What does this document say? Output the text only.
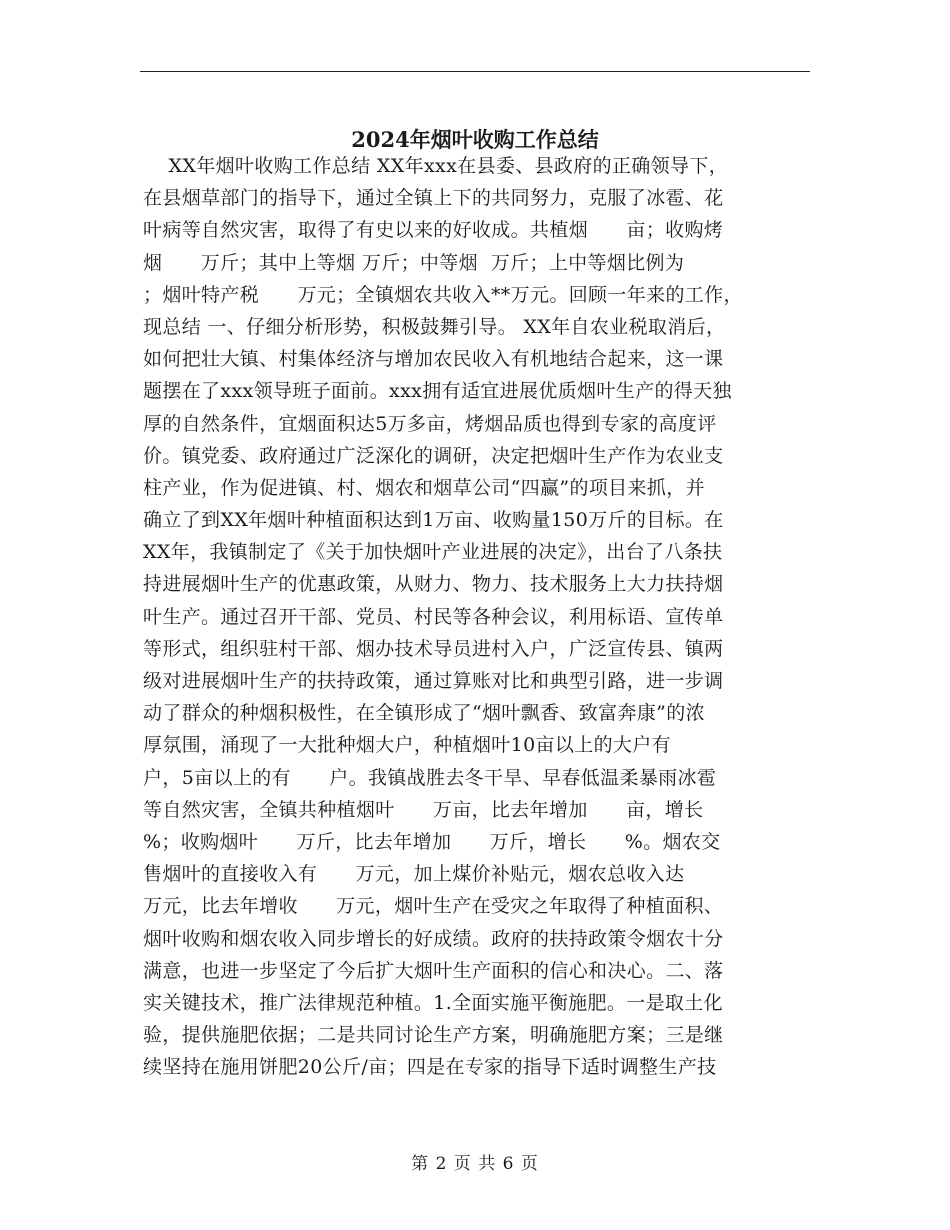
2024年烟叶收购工作总结
XX年烟叶收购工作总结 XX年xxx在县委、县政府的正确领导下，
在县烟草部门的指导下，通过全镇上下的共同努力，克服了冰雹、花
叶病等自然灾害，取得了有史以来的好收成。共植烟      亩；收购烤
烟      万斤；其中上等烟 万斤；中等烟  万斤；上中等烟比例为
；烟叶特产税      万元；全镇烟农共收入**万元。回顾一年来的工作，
现总结 一、仔细分析形势，积极鼓舞引导。 XX年自农业税取消后，
如何把壮大镇、村集体经济与增加农民收入有机地结合起来，这一课
题摆在了xxx领导班子面前。xxx拥有适宜进展优质烟叶生产的得天独
厚的自然条件，宜烟面积达5万多亩，烤烟品质也得到专家的高度评
价。镇党委、政府通过广泛深化的调研，决定把烟叶生产作为农业支
柱产业，作为促进镇、村、烟农和烟草公司“四赢”的项目来抓，并
确立了到XX年烟叶种植面积达到1万亩、收购量150万斤的目标。在
XX年，我镇制定了《关于加快烟叶产业进展的决定》，出台了八条扶
持进展烟叶生产的优惠政策，从财力、物力、技术服务上大力扶持烟
叶生产。通过召开干部、党员、村民等各种会议，利用标语、宣传单
等形式，组织驻村干部、烟办技术导员进村入户，广泛宣传县、镇两
级对进展烟叶生产的扶持政策，通过算账对比和典型引路，进一步调
动了群众的种烟积极性，在全镇形成了“烟叶飘香、致富奔康”的浓
厚氛围，涌现了一大批种烟大户，种植烟叶10亩以上的大户有
户，5亩以上的有      户。我镇战胜去冬干旱、早春低温柔暴雨冰雹
等自然灾害，全镇共种植烟叶      万亩，比去年增加      亩，增长
%；收购烟叶      万斤，比去年增加      万斤，增长      %。烟农交
售烟叶的直接收入有      万元，加上煤价补贴元，烟农总收入达
万元，比去年增收      万元，烟叶生产在受灾之年取得了种植面积、
烟叶收购和烟农收入同步增长的好成绩。政府的扶持政策令烟农十分
满意，也进一步坚定了今后扩大烟叶生产面积的信心和决心。二、落
实关键技术，推广法律规范种植。1.全面实施平衡施肥。一是取土化
验，提供施肥依据；二是共同讨论生产方案，明确施肥方案；三是继
续坚持在施用饼肥20公斤/亩；四是在专家的指导下适时调整生产技
第 2 页 共 6 页
